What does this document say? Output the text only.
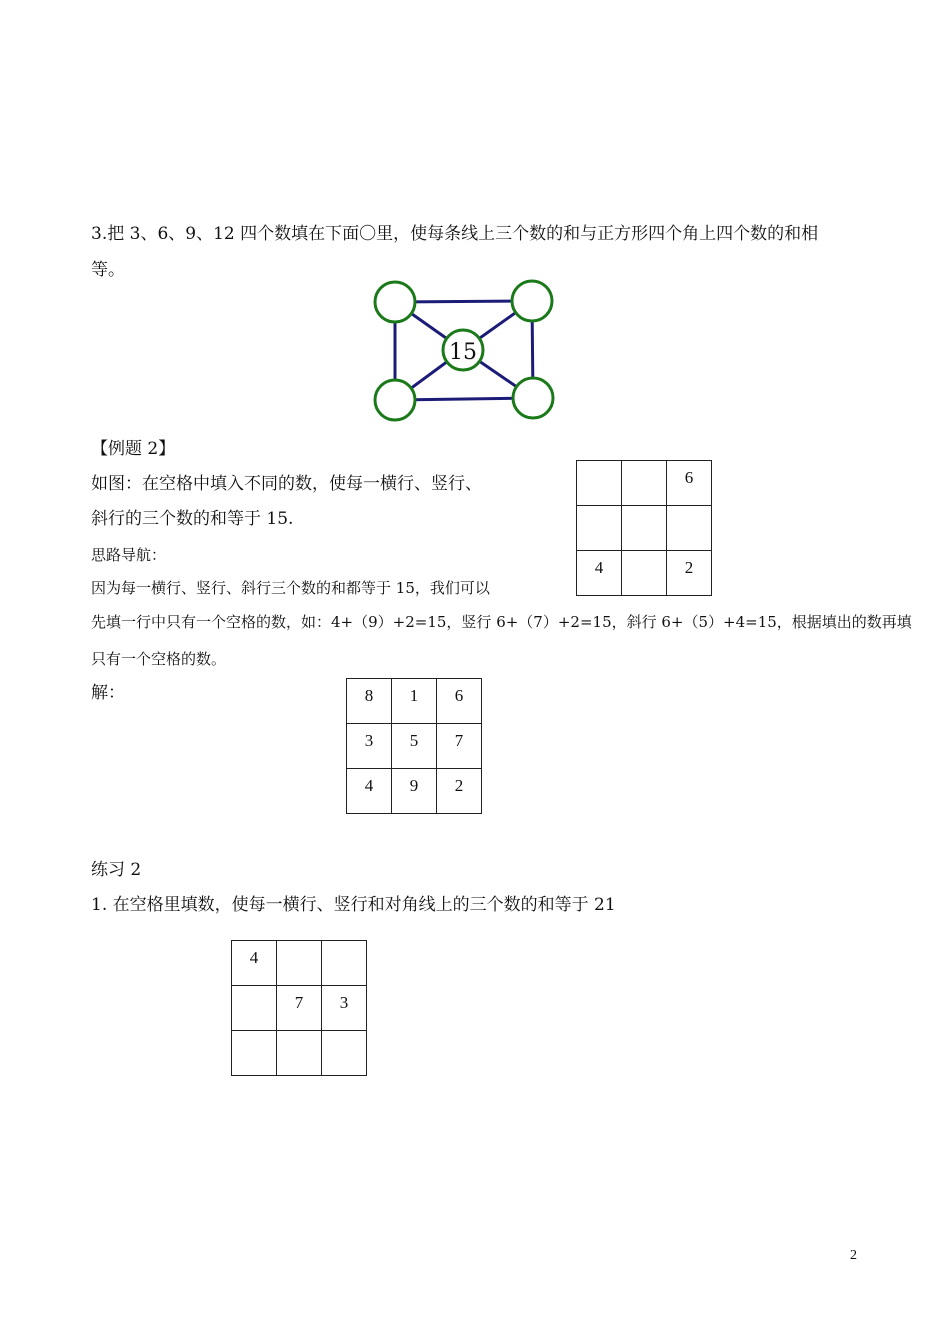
3.把 3、6、9、12 四个数填在下面〇里，使每条线上三个数的和与正方形四个角上四个数的和相
等。
15
【例题 2】
如图：在空格中填入不同的数，使每一横行、竖行、
斜行的三个数的和等于 15.
思路导航：
因为每一横行、竖行、斜行三个数的和都等于 15，我们可以
先填一行中只有一个空格的数，如：4+（9）+2=15，竖行 6+（7）+2=15，斜行 6+（5）+4=15，根据填出的数再填
只有一个空格的数。
		6

4		2
解：	8	1	6
3	5	7
4	9	2
练习 2
1. 在空格里填数，使每一横行、竖行和对角线上的三个数的和等于 21
4		
	7	3

2
